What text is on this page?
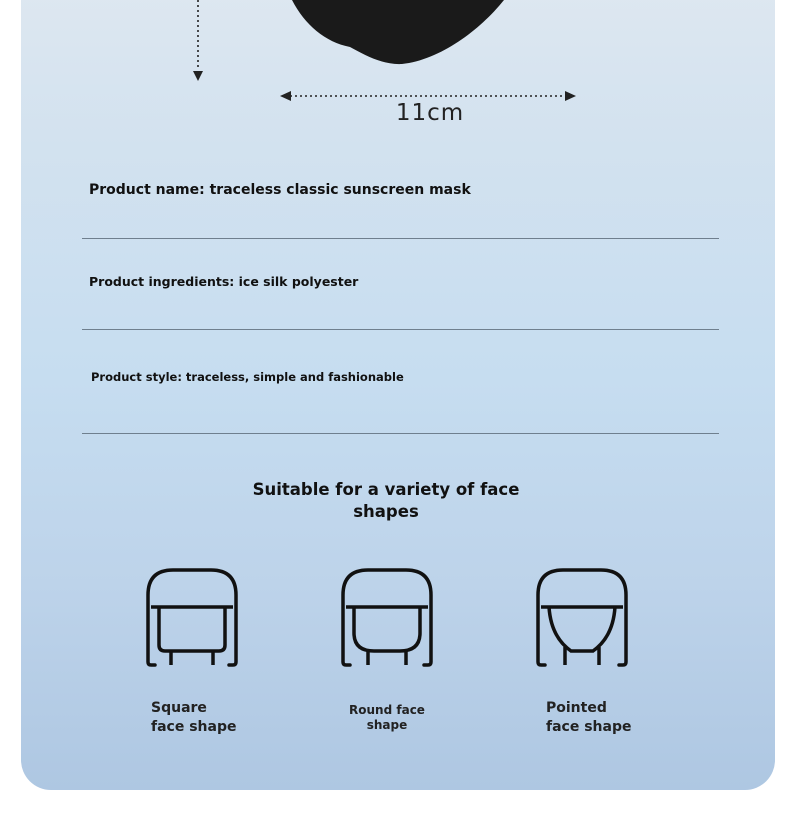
11cm
Product name: traceless classic sunscreen mask
Product ingredients: ice silk polyester
Product style: traceless, simple and fashionable
Suitable for a variety of face
shapes
Square
face shape
Round face
shape
Pointed
face shape
